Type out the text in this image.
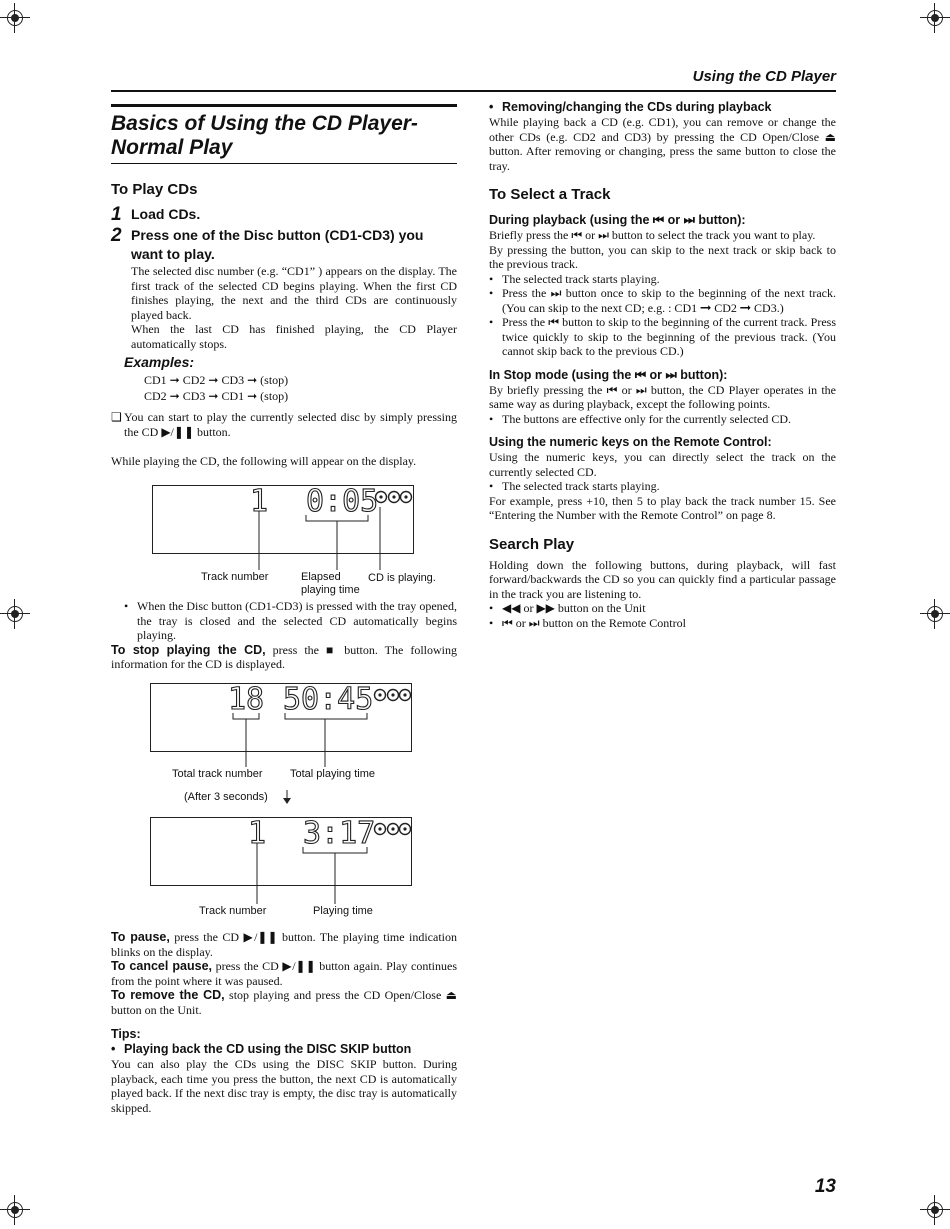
Using the CD Player
Basics of Using the CD Player-
Normal Play
To Play CDs
1 Load CDs.
2 Press one of the Disc button (CD1-CD3) you want to play.

The selected disc number (e.g. “CD1” ) appears on the display. The first track of the selected CD begins playing. When the first CD finishes playing, the next and the third CDs are continuously played back.

When the last CD has finished playing, the CD Player automatically stops.

Examples:
CD1 ➞ CD2 ➞ CD3 ➞ (stop)
CD2 ➞ CD3 ➞ CD1 ➞ (stop)
❑ You can start to play the currently selected disc by simply pressing the CD ▶/❚❚ button.

While playing the CD, the following will appear on the display.

1 0:05
18 50:45
1 3:17
Track number	Elapsed
playing time
CD is playing.
Total track number	Total playing time
(After 3 seconds)
Track number	Playing time
• When the Disc button (CD1-CD3) is pressed with the tray opened, the tray is closed and the selected CD automatically begins playing.

To stop playing the CD, press the ■ button. The following information for the CD is displayed.

To pause, press the CD ▶/❚❚ button. The playing time indication blinks on the display.

To cancel pause, press the CD ▶/❚❚ button again. Play continues from the point where it was paused.

To remove the CD, stop playing and press the CD Open/Close ⏏ button on the Unit.

Tips:
• Playing back the CD using the DISC SKIP button

You can also play the CDs using the DISC SKIP button. During playback, each time you press the button, the next CD is automatically played back. If the next disc tray is empty, the disc tray is automatically skipped.

• Removing/changing the CDs during playback

While playing back a CD (e.g. CD1), you can remove or change the other CDs (e.g. CD2 and CD3) by pressing the CD Open/Close ⏏ button. After removing or changing, press the same button to close the tray.

To Select a Track
During playback (using the ⏮ or ⏭ button):

Briefly press the ⏮ or ⏭ button to select the track you want to play.

By pressing the button, you can skip to the next track or skip back to the previous track.

• The selected track starts playing.
• Press the ⏭ button once to skip to the beginning of the next track. (You can skip to the next CD; e.g. : CD1 ➞ CD2 ➞ CD3.)
• Press the ⏮ button to skip to the beginning of the current track. Press twice quickly to skip to the beginning of the previous track. (You cannot skip back to the previous CD.)
In Stop mode (using the ⏮ or ⏭ button):

By briefly pressing the ⏮ or ⏭ button, the CD Player operates in the same way as during playback, except the following points.

• The buttons are effective only for the currently selected CD.
Using the numeric keys on the Remote Control:

Using the numeric keys, you can directly select the track on the currently selected CD.

• The selected track starts playing.

For example, press +10, then 5 to play back the track number 15. See “Entering the Number with the Remote Control” on page 8.

Search Play

Holding down the following buttons, during playback, will fast forward/backwards the CD so you can quickly find a particular passage in the track you are listening to.

• ◀◀ or ▶▶ button on the Unit
• ⏮ or ⏭ button on the Remote Control
13
